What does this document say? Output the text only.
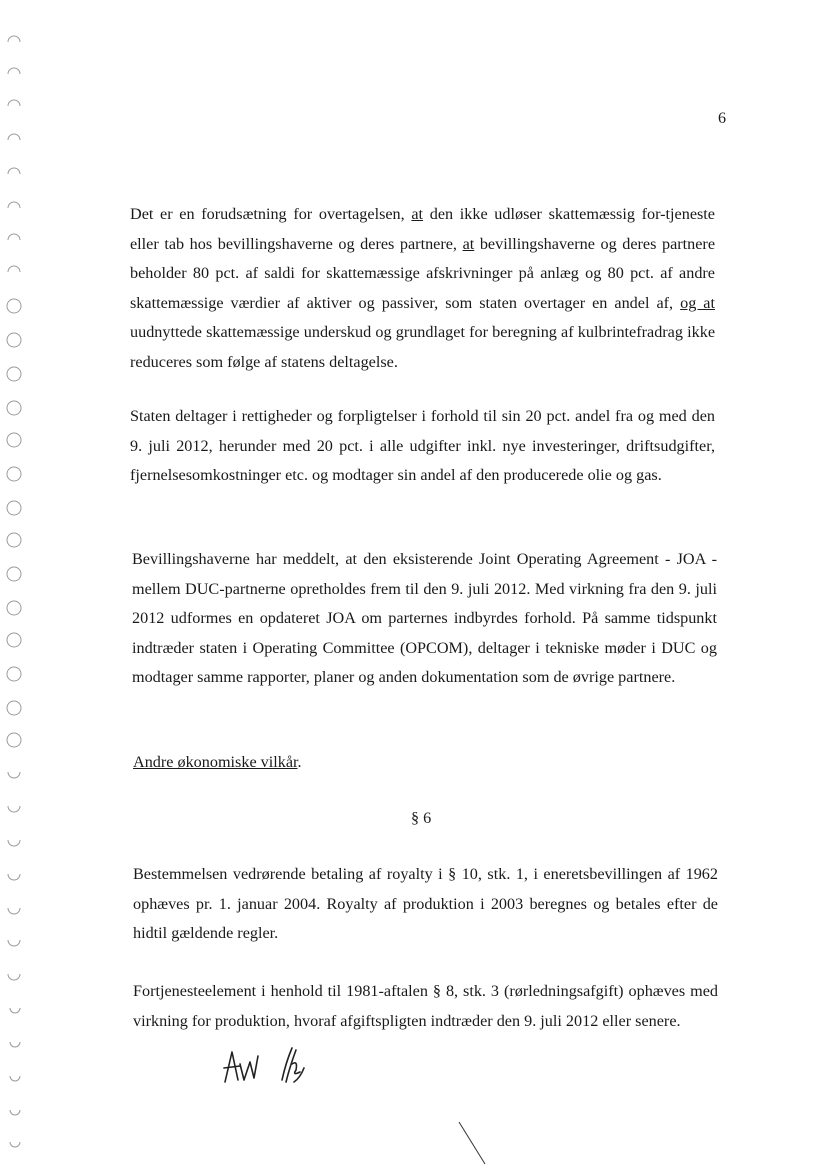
6

Det er en forudsætning for overtagelsen, at den ikke udløser skattemæssig for-tjeneste eller tab hos bevillingshaverne og deres partnere, at bevillingshaverne og deres partnere beholder 80 pct. af saldi for skattemæssige afskrivninger på anlæg og 80 pct. af andre skattemæssige værdier af aktiver og passiver, som staten overtager en andel af, og at uudnyttede skattemæssige underskud og grundlaget for beregning af kulbrintefradrag ikke reduceres som følge af statens deltagelse.

Staten deltager i rettigheder og forpligtelser i forhold til sin 20 pct. andel fra og med den 9. juli 2012, herunder med 20 pct. i alle udgifter inkl. nye investeringer, driftsudgifter, fjernelsesomkostninger etc. og modtager sin andel af den producerede olie og gas.

Bevillingshaverne har meddelt, at den eksisterende Joint Operating Agreement - JOA - mellem DUC-partnerne opretholdes frem til den 9. juli 2012. Med virkning fra den 9. juli 2012 udformes en opdateret JOA om parternes indbyrdes forhold. På samme tidspunkt indtræder staten i Operating Committee (OPCOM), deltager i tekniske møder i DUC og modtager samme rapporter, planer og anden dokumentation som de øvrige partnere.

Andre økonomiske vilkår.

§ 6

Bestemmelsen vedrørende betaling af royalty i § 10, stk. 1, i eneretsbevillingen af 1962 ophæves pr. 1. januar 2004. Royalty af produktion i 2003 beregnes og betales efter de hidtil gældende regler.

Fortjenesteelement i henhold til 1981-aftalen § 8, stk. 3 (rørledningsafgift) ophæves med virkning for produktion, hvoraf afgiftspligten indtræder den 9. juli 2012 eller senere.
